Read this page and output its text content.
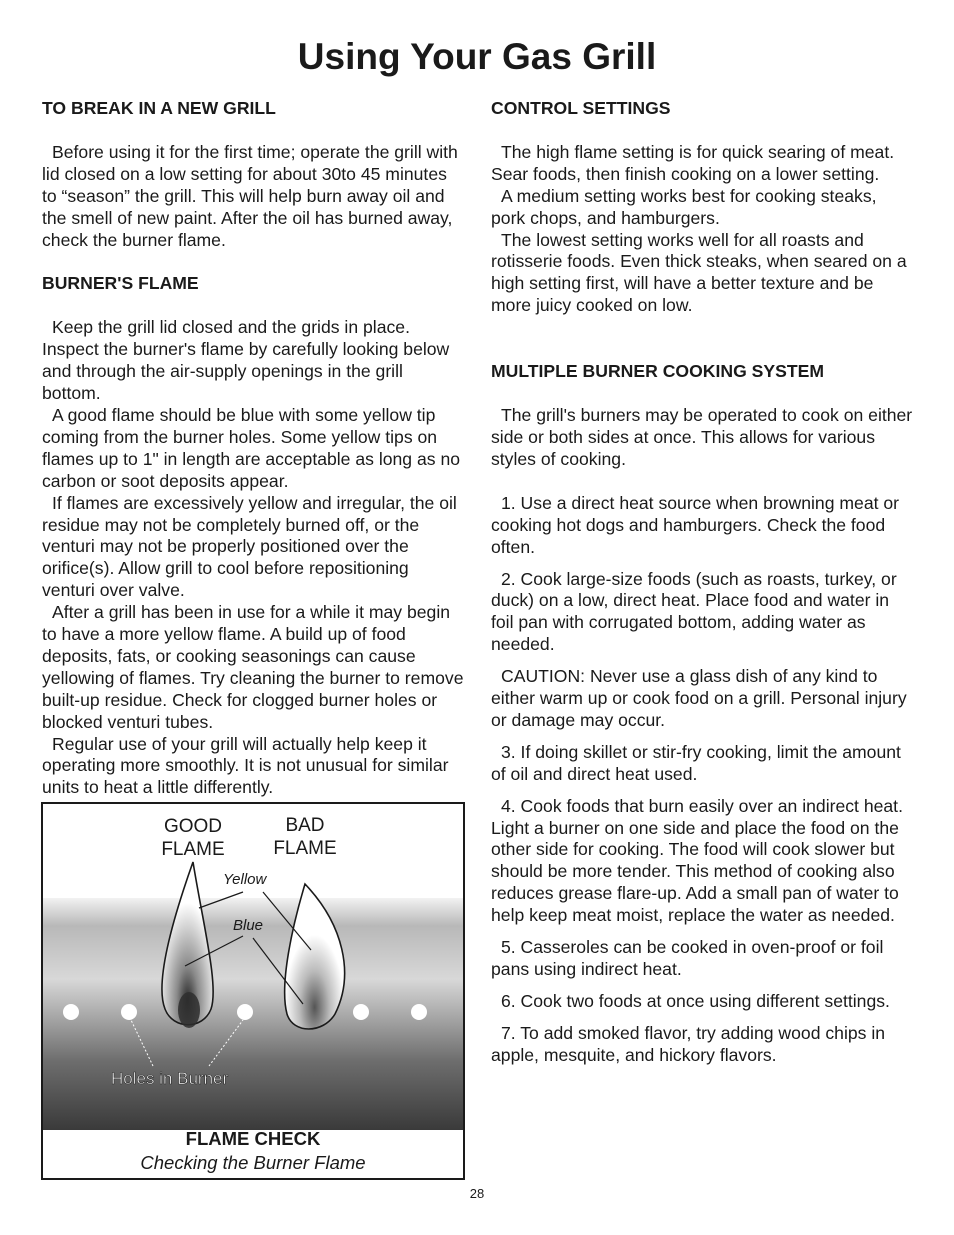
Using Your Gas Grill

TO BREAK IN A NEW GRILL

Before using it for the first time; operate the grill with lid closed on a low setting for about 30to 45 minutes to “season” the grill. This will help burn away oil and the smell of new paint. After the oil has burned away, check the burner flame.

BURNER'S FLAME

Keep the grill lid closed and the grids in place. Inspect the burner's flame by carefully looking below and through the air-supply openings in the grill bottom.

A good flame should be blue with some yellow tip coming from the burner holes. Some yellow tips on flames up to 1" in length are acceptable as long as no carbon or soot deposits appear.

If flames are excessively yellow and irregular, the oil residue may not be completely burned off, or the venturi may not be properly positioned over the orifice(s). Allow grill to cool before repositioning venturi over valve.

After a grill has been in use for a while it may begin to have a more yellow flame. A build up of food deposits, fats, or cooking seasonings can cause yellowing of flames. Try cleaning the burner to remove built-up residue. Check for clogged burner holes or blocked venturi tubes.

Regular use of your grill will actually help keep it operating more smoothly. It is not unusual for similar units to heat a little differently.

GOOD
FLAME
BAD
FLAME
Yellow
Blue
Holes in Burner
FLAME CHECK
Checking the Burner Flame

CONTROL SETTINGS

The high flame setting is for quick searing of meat. Sear foods, then finish cooking on a lower setting.

A medium setting works best for cooking steaks, pork chops, and hamburgers.

The lowest setting works well for all roasts and rotisserie foods. Even thick steaks, when seared on a high setting first, will have a better texture and be more juicy cooked on low.

MULTIPLE BURNER COOKING SYSTEM

The grill's burners may be operated to cook on either side or both sides at once. This allows for various styles of cooking.

1. Use a direct heat source when browning meat or cooking hot dogs and hamburgers. Check the food often.

2. Cook large-size foods (such as roasts, turkey, or duck) on a low, direct heat. Place food and water in foil pan with corrugated bottom, adding water as needed.

CAUTION: Never use a glass dish of any kind to either warm up or cook food on a grill. Personal injury or damage may occur.

3. If doing skillet or stir-fry cooking, limit the amount of oil and direct heat used.

4. Cook foods that burn easily over an indirect heat. Light a burner on one side and place the food on the other side for cooking. The food will cook slower but should be more tender. This method of cooking also reduces grease flare-up. Add a small pan of water to help keep meat moist, replace the water as needed.

5. Casseroles can be cooked in oven-proof or foil pans using indirect heat.

6. Cook two foods at once using different settings.

7. To add smoked flavor, try adding wood chips in apple, mesquite, and hickory flavors.

28
